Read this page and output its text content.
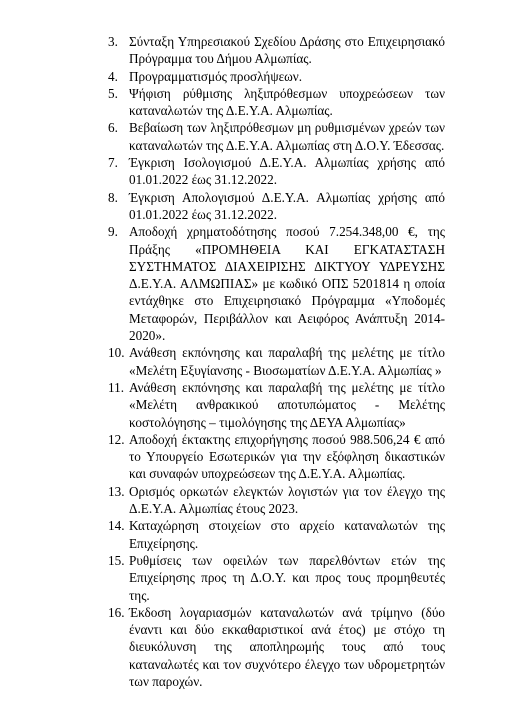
3. Σύνταξη Υπηρεσιακού Σχεδίου Δράσης στο Επιχειρησιακό Πρόγραμμα του Δήμου Αλμωπίας.
4. Προγραμματισμός προσλήψεων.
5. Ψήφιση ρύθμισης ληξιπρόθεσμων υποχρεώσεων των καταναλωτών της Δ.Ε.Υ.Α. Αλμωπίας.
6. Βεβαίωση των ληξιπρόθεσμων μη ρυθμισμένων χρεών των καταναλωτών της Δ.Ε.Υ.Α. Αλμωπίας στη Δ.Ο.Υ. Έδεσσας.
7. Έγκριση Ισολογισμού Δ.Ε.Υ.Α. Αλμωπίας χρήσης από 01.01.2022 έως 31.12.2022.
8. Έγκριση Απολογισμού Δ.Ε.Υ.Α. Αλμωπίας χρήσης από 01.01.2022 έως 31.12.2022.
9. Αποδοχή χρηματοδότησης ποσού 7.254.348,00 €, της Πράξης «ΠΡΟΜΗΘΕΙΑ ΚΑΙ ΕΓΚΑΤΑΣΤΑΣΗ ΣΥΣΤΗΜΑΤΟΣ ΔΙΑΧΕΙΡΙΣΗΣ ΔΙΚΤΥΟΥ ΥΔΡΕΥΣΗΣ Δ.Ε.Υ.Α. ΑΛΜΩΠΙΑΣ» με κωδικό ΟΠΣ 5201814 η οποία εντάχθηκε στο Επιχειρησιακό Πρόγραμμα «Υποδομές Μεταφορών, Περιβάλλον και Αειφόρος Ανάπτυξη 2014-2020».
10. Ανάθεση εκπόνησης και παραλαβή της μελέτης με τίτλο «Μελέτη Εξυγίανσης - Βιοσωματίων Δ.Ε.Υ.Α. Αλμωπίας »
11. Ανάθεση εκπόνησης και παραλαβή της μελέτης με τίτλο «Μελέτη ανθρακικού αποτυπώματος - Μελέτης κοστολόγησης – τιμολόγησης της ΔΕΥΑ Αλμωπίας»
12. Αποδοχή έκτακτης επιχορήγησης ποσού 988.506,24 € από το Υπουργείο Εσωτερικών για την εξόφληση δικαστικών και συναφών υποχρεώσεων της Δ.Ε.Υ.Α. Αλμωπίας.
13. Ορισμός ορκωτών ελεγκτών λογιστών για τον έλεγχο της Δ.Ε.Υ.Α. Αλμωπίας έτους 2023.
14. Καταχώρηση στοιχείων στο αρχείο καταναλωτών της Επιχείρησης.
15. Ρυθμίσεις των οφειλών των παρελθόντων ετών της Επιχείρησης προς τη Δ.Ο.Υ. και προς τους προμηθευτές της.
16. Έκδοση λογαριασμών καταναλωτών ανά τρίμηνο (δύο έναντι και δύο εκκαθαριστικοί ανά έτος) με στόχο τη διευκόλυνση της αποπληρωμής τους από τους καταναλωτές και τον συχνότερο έλεγχο των υδρομετρητών των παροχών.
